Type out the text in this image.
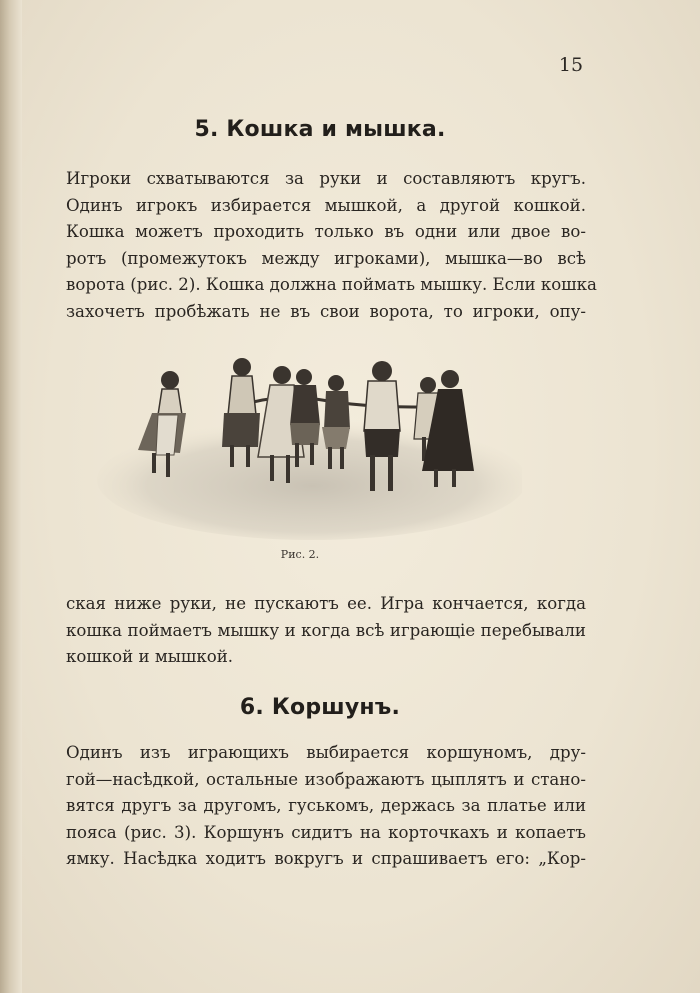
15
5. Кошка и мышка.
Игроки схватываются за руки и составляютъ кругъ.
Одинъ игрокъ избирается мышкой, а другой кошкой.
Кошка можетъ проходить только въ одни или двое во-
ротъ (промежутокъ между игроками), мышка—во всѣ
ворота (рис. 2). Кошка должна поймать мышку. Если кошка
захочетъ пробѣжать не въ свои ворота, то игроки, опу-
Рис. 2.
ская ниже руки, не пускаютъ ее. Игра кончается, когда
кошка поймаетъ мышку и когда всѣ играющіе перебывали
кошкой и мышкой.
6. Коршунъ.
Одинъ изъ играющихъ выбирается коршуномъ, дру-
гой—насѣдкой, остальные изображаютъ цыплятъ и стано-
вятся другъ за другомъ, гуськомъ, держась за платье или
пояса (рис. 3). Коршунъ сидитъ на корточкахъ и копаетъ
ямку. Насѣдка ходитъ вокругъ и спрашиваетъ его: „Кор-
